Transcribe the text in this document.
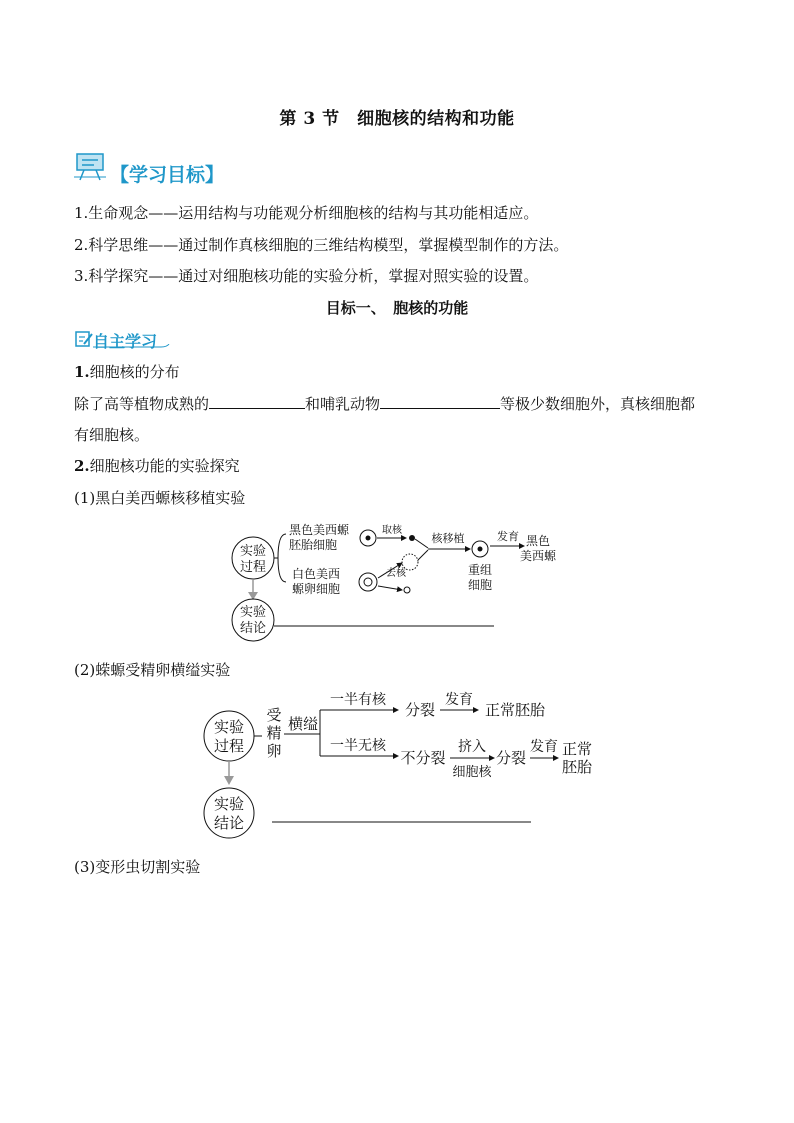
第 3 节　细胞核的结构和功能
【学习目标】
1.生命观念——运用结构与功能观分析细胞核的结构与其功能相适应。
2.科学思维——通过制作真核细胞的三维结构模型，掌握模型制作的方法。
3.科学探究——通过对细胞核功能的实验分析，掌握对照实验的设置。
目标一、　胞核的功能
自主学习
1.细胞核的分布
除了高等植物成熟的	和哺乳动物	等极少数细胞外，真核细胞都
有细胞核。
2.细胞核功能的实验探究
(1)黑白美西螈核移植实验
实验
过程
实验
结论
黑色美西螈
胚胎细胞
白色美西
螈卵细胞
取核
去核
核移植
重组
细胞
发育 黑色
美西螈
(2)蝾螈受精卵横缢实验
实验
过程
实验
结论
受
精
卵
横缢
一半有核
分裂
发育
正常胚胎
一半无核
不分裂
挤入
细胞核
分裂
发育 正常
胚胎
(3)变形虫切割实验
